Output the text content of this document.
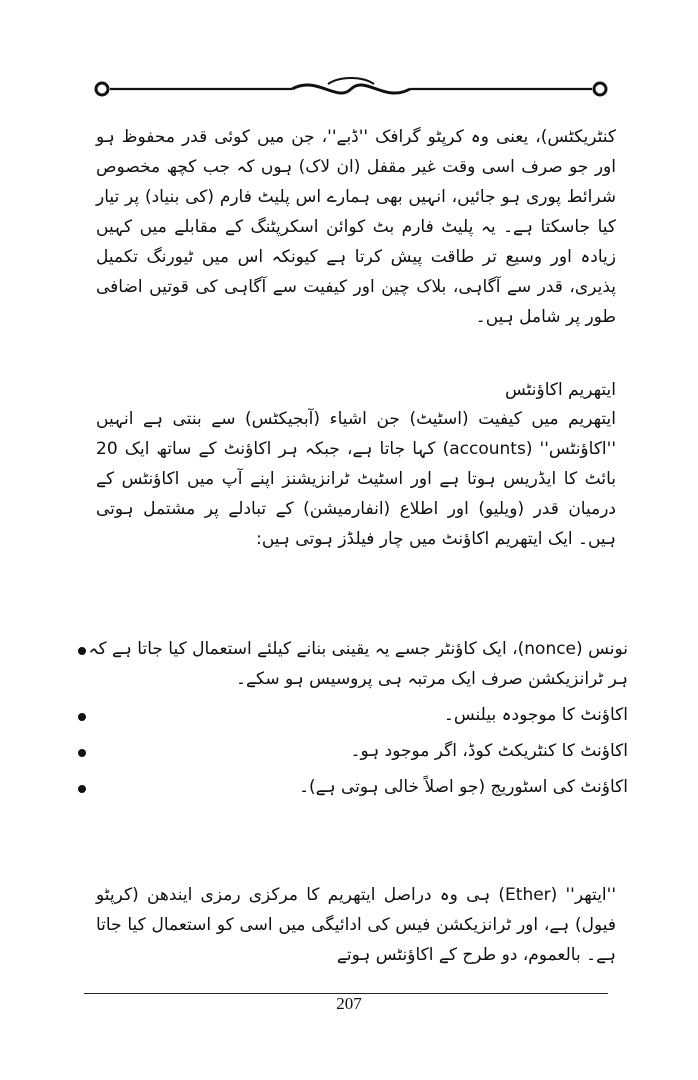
کنٹریکٹس)، یعنی وہ کرپٹو گرافک ''ڈبے''، جن میں کوئی قدر محفوظ ہو اور جو صرف اسی وقت غیر مقفل (ان لاک) ہوں کہ جب کچھ مخصوص شرائط پوری ہو جائیں، انہیں بھی ہمارے اس پلیٹ فارم (کی بنیاد) پر تیار کیا جاسکتا ہے۔ یہ پلیٹ فارم بٹ کوائن اسکرپٹنگ کے مقابلے میں کہیں زیادہ اور وسیع تر طاقت پیش کرتا ہے کیونکہ اس میں ٹیورنگ تکمیل پذیری، قدر سے آگاہی، بلاک چین اور کیفیت سے آگاہی کی قوتیں اضافی طور پر شامل ہیں۔

ایتھریم اکاؤنٹس

ایتھریم میں کیفیت (اسٹیٹ) جن اشیاء (آبجیکٹس) سے بنتی ہے انہیں ''اکاؤنٹس'' (accounts) کہا جاتا ہے، جبکہ ہر اکاؤنٹ کے ساتھ ایک 20 بائٹ کا ایڈریس ہوتا ہے اور اسٹیٹ ٹرانزیشنز اپنے آپ میں اکاؤنٹس کے درمیان قدر (ویلیو) اور اطلاع (انفارمیشن) کے تبادلے پر مشتمل ہوتی ہیں۔ ایک ایتھریم اکاؤنٹ میں چار فیلڈز ہوتی ہیں:

نونس (nonce)، ایک کاؤنٹر جسے یہ یقینی بنانے کیلئے استعمال کیا جاتا ہے کہ ہر ٹرانزیکشن صرف ایک مرتبہ ہی پروسیس ہو سکے۔
اکاؤنٹ کا موجودہ بیلنس۔
اکاؤنٹ کا کنٹریکٹ کوڈ، اگر موجود ہو۔
اکاؤنٹ کی اسٹوریج (جو اصلاً خالی ہوتی ہے)۔

''ایتھر'' (Ether) ہی وہ دراصل ایتھریم کا مرکزی رمزی ایندھن (کرپٹو فیول) ہے، اور ٹرانزیکشن فیس کی ادائیگی میں اسی کو استعمال کیا جاتا ہے۔ بالعموم، دو طرح کے اکاؤنٹس ہوتے

207
